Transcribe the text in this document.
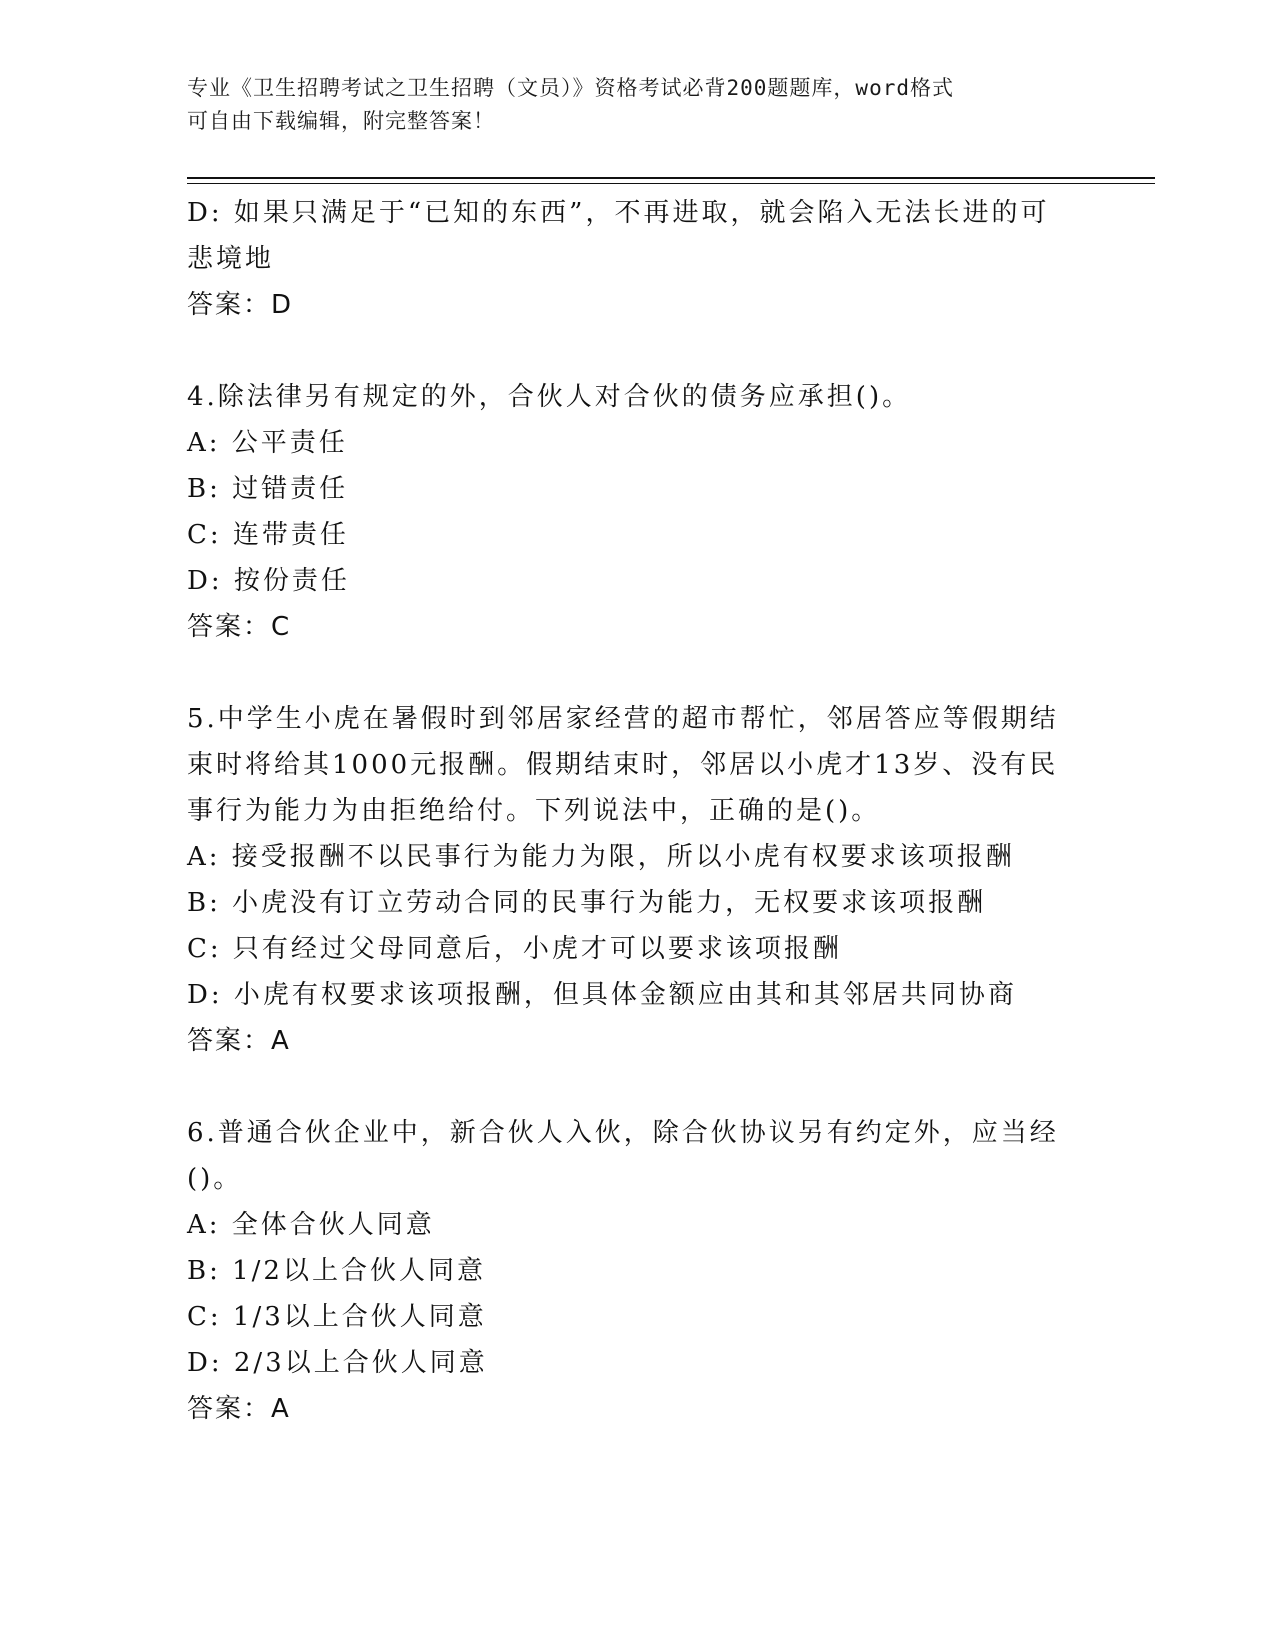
专业《卫生招聘考试之卫生招聘（文员）》资格考试必背200题题库，word格式
可自由下载编辑，附完整答案！
D: 如果只满足于“已知的东西”，不再进取，就会陷入无法长进的可
悲境地
答案：D
4.除法律另有规定的外，合伙人对合伙的债务应承担()。
A: 公平责任
B: 过错责任
C: 连带责任
D: 按份责任
答案：C
5.中学生小虎在暑假时到邻居家经营的超市帮忙，邻居答应等假期结
束时将给其1000元报酬。假期结束时，邻居以小虎才13岁、没有民
事行为能力为由拒绝给付。下列说法中，正确的是()。
A: 接受报酬不以民事行为能力为限，所以小虎有权要求该项报酬
B: 小虎没有订立劳动合同的民事行为能力，无权要求该项报酬
C: 只有经过父母同意后，小虎才可以要求该项报酬
D: 小虎有权要求该项报酬，但具体金额应由其和其邻居共同协商
答案：A
6.普通合伙企业中，新合伙人入伙，除合伙协议另有约定外，应当经
()。
A: 全体合伙人同意
B: 1/2以上合伙人同意
C: 1/3以上合伙人同意
D: 2/3以上合伙人同意
答案：A
